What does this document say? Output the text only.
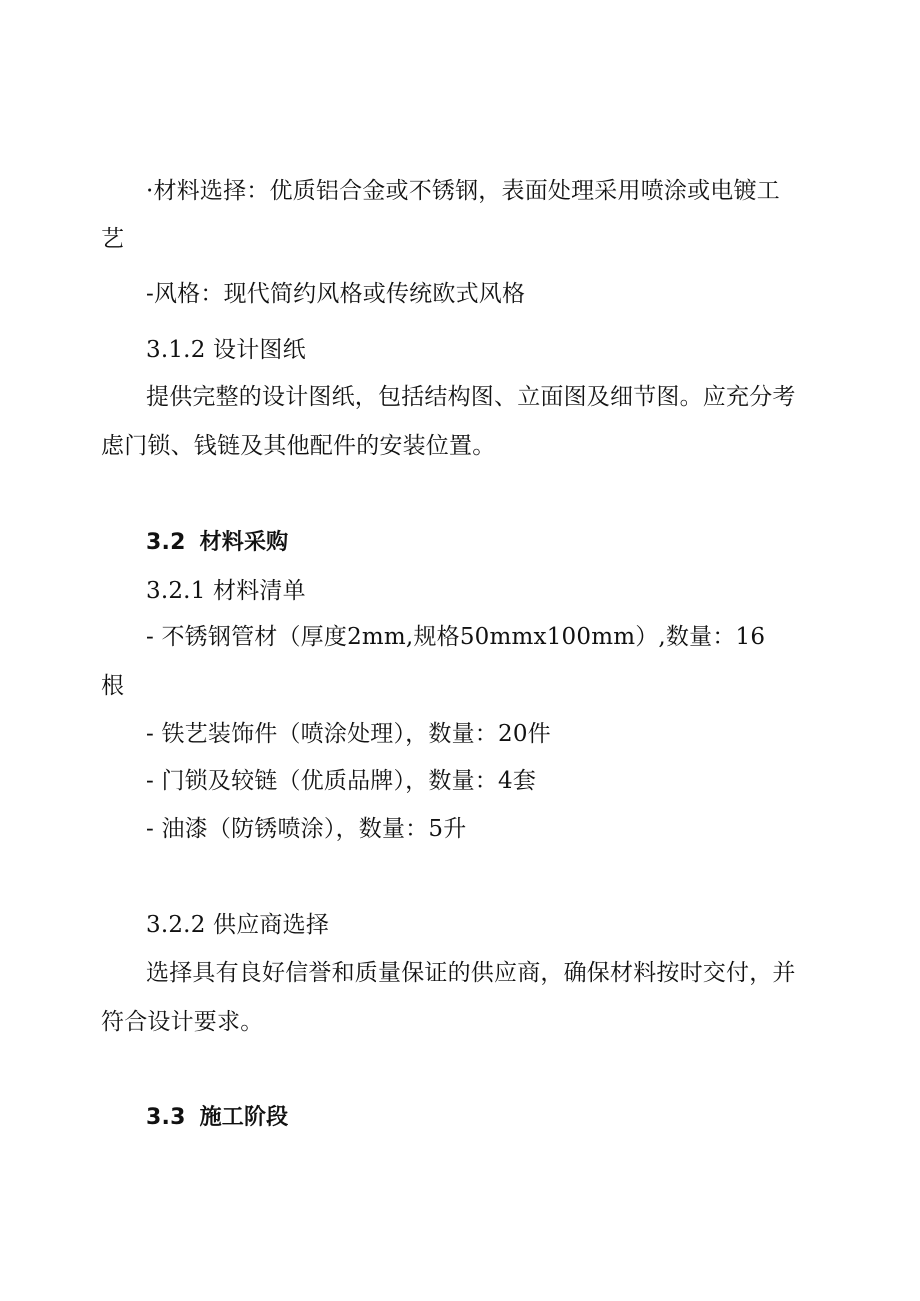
·材料选择：优质铝合金或不锈钢，表面处理采用喷涂或电镀工
艺
-风格：现代简约风格或传统欧式风格
3.1.2 设计图纸
提供完整的设计图纸，包括结构图、立面图及细节图。应充分考
虑门锁、钱链及其他配件的安装位置。
3.2 材料采购
3.2.1 材料清单
- 不锈钢管材（厚度2mm,规格50mmx100mm）,数量：16
根
- 铁艺装饰件（喷涂处理），数量：20件
- 门锁及较链（优质品牌），数量：4套
- 油漆（防锈喷涂），数量：5升
3.2.2 供应商选择
选择具有良好信誉和质量保证的供应商，确保材料按时交付，并
符合设计要求。
3.3 施工阶段
